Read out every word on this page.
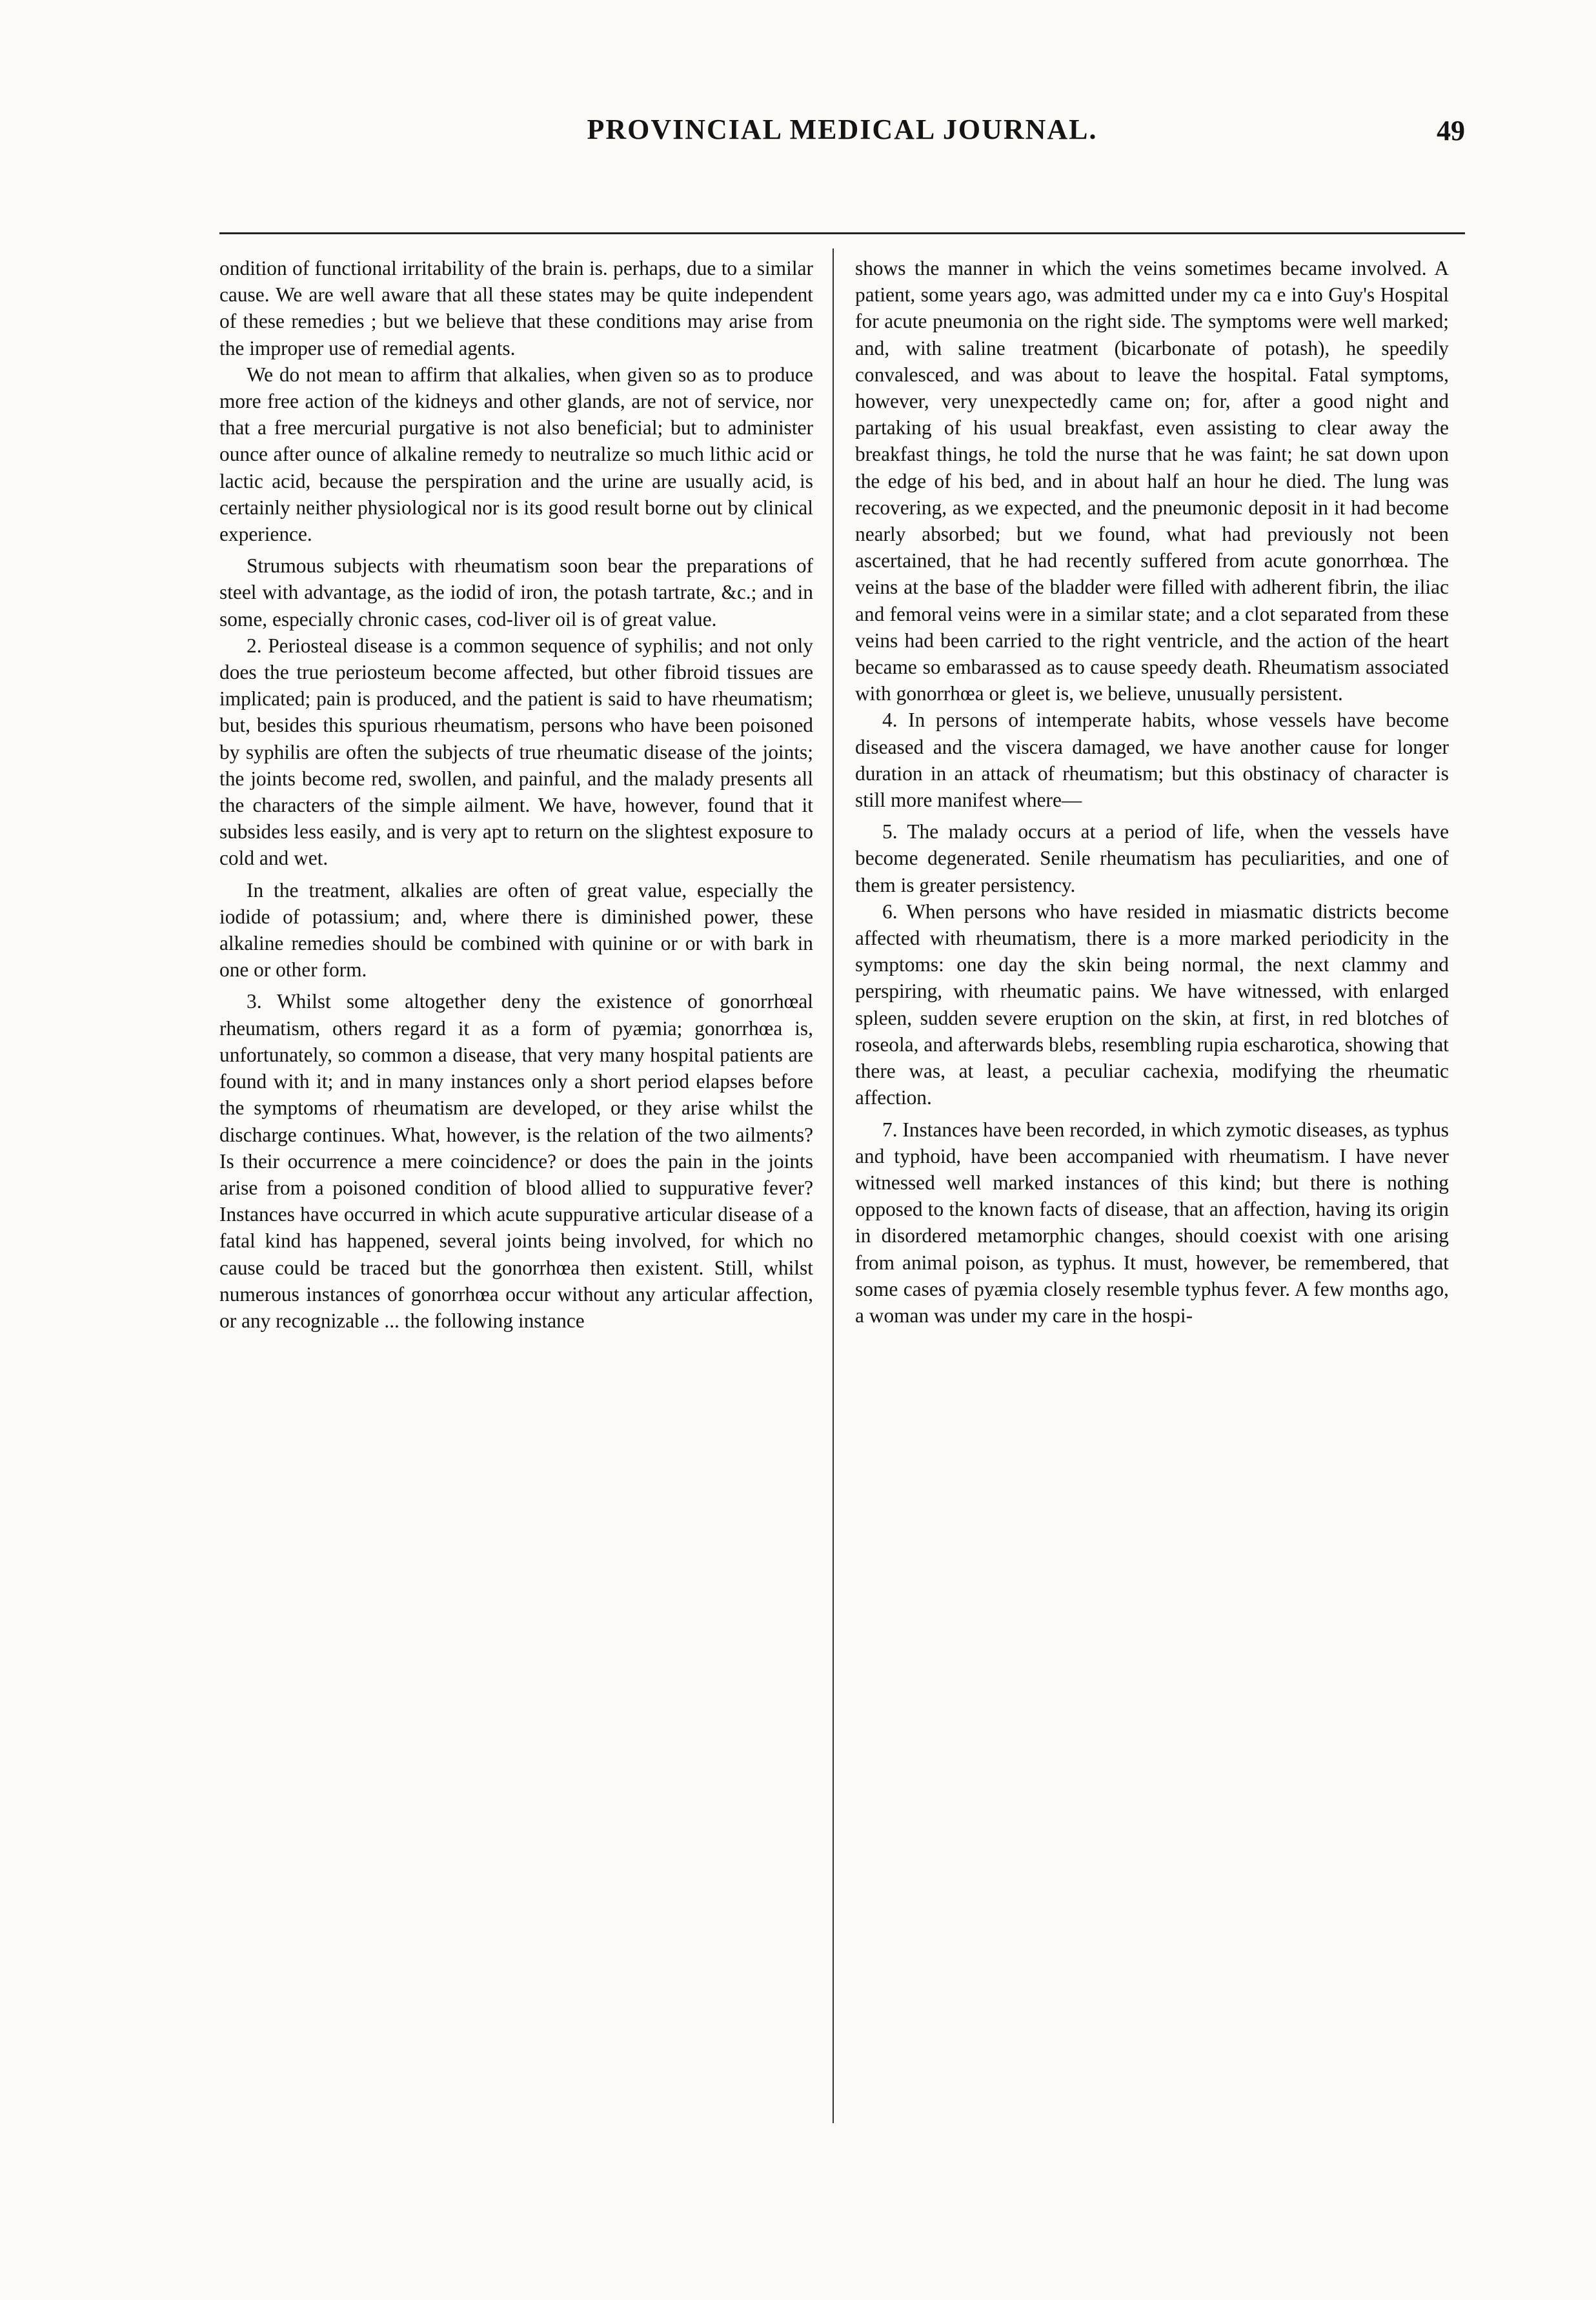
PROVINCIAL MEDICAL JOURNAL.	49

ondition of functional irritability of the brain is. perhaps, due to a similar cause. We are well aware that all these states may be quite independent of these remedies ; but we believe that these conditions may arise from the improper use of remedial agents.

We do not mean to affirm that alkalies, when given so as to produce more free action of the kidneys and other glands, are not of service, nor that a free mercurial purgative is not also beneficial; but to administer ounce after ounce of alkaline remedy to neutralize so much lithic acid or lactic acid, because the perspiration and the urine are usually acid, is certainly neither physiological nor is its good result borne out by clinical experience.

Strumous subjects with rheumatism soon bear the preparations of steel with advantage, as the iodid of iron, the potash tartrate, &c.; and in some, especially chronic cases, cod-liver oil is of great value.

2. Periosteal disease is a common sequence of syphilis; and not only does the true periosteum become affected, but other fibroid tissues are implicated; pain is produced, and the patient is said to have rheumatism; but, besides this spurious rheumatism, persons who have been poisoned by syphilis are often the subjects of true rheumatic disease of the joints; the joints become red, swollen, and painful, and the malady presents all the characters of the simple ailment. We have, however, found that it subsides less easily, and is very apt to return on the slightest exposure to cold and wet.

In the treatment, alkalies are often of great value, especially the iodide of potassium; and, where there is diminished power, these alkaline remedies should be combined with quinine or or with bark in one or other form.

3. Whilst some altogether deny the existence of gonorrhœal rheumatism, others regard it as a form of pyæmia; gonorrhœa is, unfortunately, so common a disease, that very many hospital patients are found with it; and in many instances only a short period elapses before the symptoms of rheumatism are developed, or they arise whilst the discharge continues. What, however, is the relation of the two ailments? Is their occurrence a mere coincidence? or does the pain in the joints arise from a poisoned condition of blood allied to suppurative fever? Instances have occurred in which acute suppurative articular disease of a fatal kind has happened, several joints being involved, for which no cause could be traced but the gonorrhœa then existent. Still, whilst numerous instances of gonorrhœa occur without any articular affection, or any recognizable ... the following instance

shows the manner in which the veins sometimes became involved. A patient, some years ago, was admitted under my ca e into Guy's Hospital for acute pneumonia on the right side. The symptoms were well marked; and, with saline treatment (bicarbonate of potash), he speedily convalesced, and was about to leave the hospital. Fatal symptoms, however, very unexpectedly came on; for, after a good night and partaking of his usual breakfast, even assisting to clear away the breakfast things, he told the nurse that he was faint; he sat down upon the edge of his bed, and in about half an hour he died. The lung was recovering, as we expected, and the pneumonic deposit in it had become nearly absorbed; but we found, what had previously not been ascertained, that he had recently suffered from acute gonorrhœa. The veins at the base of the bladder were filled with adherent fibrin, the iliac and femoral veins were in a similar state; and a clot separated from these veins had been carried to the right ventricle, and the action of the heart became so embarassed as to cause speedy death. Rheumatism associated with gonorrhœa or gleet is, we believe, unusually persistent.

4. In persons of intemperate habits, whose vessels have become diseased and the viscera damaged, we have another cause for longer duration in an attack of rheumatism; but this obstinacy of character is still more manifest where—

5. The malady occurs at a period of life, when the vessels have become degenerated. Senile rheumatism has peculiarities, and one of them is greater persistency.

6. When persons who have resided in miasmatic districts become affected with rheumatism, there is a more marked periodicity in the symptoms: one day the skin being normal, the next clammy and perspiring, with rheumatic pains. We have witnessed, with enlarged spleen, sudden severe eruption on the skin, at first, in red blotches of roseola, and afterwards blebs, resembling rupia escharotica, showing that there was, at least, a peculiar cachexia, modifying the rheumatic affection.

7. Instances have been recorded, in which zymotic diseases, as typhus and typhoid, have been accompanied with rheumatism. I have never witnessed well marked instances of this kind; but there is nothing opposed to the known facts of disease, that an affection, having its origin in disordered metamorphic changes, should coexist with one arising from animal poison, as typhus. It must, however, be remembered, that some cases of pyæmia closely resemble typhus fever. A few months ago, a woman was under my care in the hospi-
